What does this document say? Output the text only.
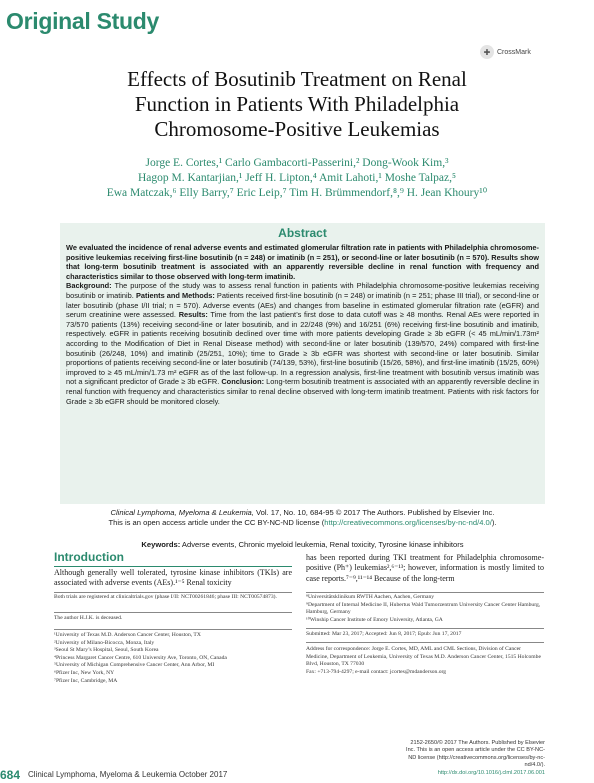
Original Study
✚ CrossMark
Effects of Bosutinib Treatment on Renal
Function in Patients With Philadelphia
Chromosome-Positive Leukemias
Jorge E. Cortes,¹ Carlo Gambacorti-Passerini,² Dong-Wook Kim,³
Hagop M. Kantarjian,¹ Jeff H. Lipton,⁴ Amit Lahoti,¹ Moshe Talpaz,⁵
Ewa Matczak,⁶ Elly Barry,⁷ Eric Leip,⁷ Tim H. Brümmendorf,⁸,⁹ H. Jean Khoury¹⁰
Abstract

We evaluated the incidence of renal adverse events and estimated glomerular filtration rate in patients with Philadelphia chromosome-positive leukemias receiving first-line bosutinib (n = 248) or imatinib (n = 251), or second-line or later bosutinib (n = 570). Results show that long-term bosutinib treatment is associated with an apparently reversible decline in renal function with frequency and characteristics similar to those observed with long-term imatinib.

Background: The purpose of the study was to assess renal function in patients with Philadelphia chromosome-positive leukemias receiving bosutinib or imatinib. Patients and Methods: Patients received first-line bosutinib (n = 248) or imatinib (n = 251; phase III trial), or second-line or later bosutinib (phase I/II trial; n = 570). Adverse events (AEs) and changes from baseline in estimated glomerular filtration rate (eGFR) and serum creatinine were assessed. Results: Time from the last patient’s first dose to data cutoff was ≥ 48 months. Renal AEs were reported in 73/570 patients (13%) receiving second-line or later bosutinib, and in 22/248 (9%) and 16/251 (6%) receiving first-line bosutinib and imatinib, respectively. eGFR in patients receiving bosutinib declined over time with more patients developing Grade ≥ 3b eGFR (< 45 mL/min/1.73m² according to the Modification of Diet in Renal Disease method) with second-line or later bosutinib (139/570, 24%) compared with first-line bosutinib (26/248, 10%) and imatinib (25/251, 10%); time to Grade ≥ 3b eGFR was shortest with second-line or later bosutinib. Similar proportions of patients receiving second-line or later bosutinib (74/139, 53%), first-line bosutinib (15/26, 58%), and first-line imatinib (15/25, 60%) improved to ≥ 45 mL/min/1.73 m² eGFR as of the last follow-up. In a regression analysis, first-line treatment with bosutinib versus imatinib was not a significant predictor of Grade ≥ 3b eGFR. Conclusion: Long-term bosutinib treatment is associated with an apparently reversible decline in renal function with frequency and characteristics similar to renal decline observed with long-term imatinib treatment. Patients with risk factors for Grade ≥ 3b eGFR should be monitored closely.

Clinical Lymphoma, Myeloma & Leukemia, Vol. 17, No. 10, 684-95 © 2017 The Authors. Published by Elsevier Inc.
This is an open access article under the CC BY-NC-ND license (http://creativecommons.org/licenses/by-nc-nd/4.0/).
Keywords: Adverse events, Chronic myeloid leukemia, Renal toxicity, Tyrosine kinase inhibitors
Introduction
Although generally well tolerated, tyrosine kinase inhibitors (TKIs) are associated with adverse events (AEs).¹⁻⁵ Renal toxicity
has been reported during TKI treatment for Philadelphia chromosome-positive (Ph⁺) leukemias²,⁶⁻¹³; however, information is mostly limited to case reports.⁷⁻⁹,¹¹⁻¹⁴ Because of the long-term
Both trials are registered at clinicaltrials.gov (phase I/II: NCT00261846; phase III: NCT00574873).
The author H.J.K. is deceased.
¹University of Texas M.D. Anderson Cancer Center, Houston, TX
²University of Milano-Bicocca, Monza, Italy
³Seoul St Mary’s Hospital, Seoul, South Korea
⁴Princess Margaret Cancer Centre, 610 University Ave, Toronto, ON, Canada
⁵University of Michigan Comprehensive Cancer Center, Ann Arbor, MI
⁶Pfizer Inc, New York, NY
⁷Pfizer Inc, Cambridge, MA
⁸Universitätsklinikum RWTH Aachen, Aachen, Germany
⁹Department of Internal Medicine II, Hubertus Wald Tumorzentrum University Cancer Center Hamburg, Hamburg, Germany
¹⁰Winship Cancer Institute of Emory University, Atlanta, GA
Submitted: Mar 23, 2017; Accepted: Jun 8, 2017; Epub: Jun 17, 2017
Address for correspondence: Jorge E. Cortes, MD, AML and CML Sections, Division of Cancer Medicine, Department of Leukemia, University of Texas M.D. Anderson Cancer Center, 1515 Holcombe Blvd, Houston, TX 77030
Fax: +713-794-4297; e-mail contact: jcortes@mdanderson.org
2152-2650/© 2017 The Authors. Published by Elsevier Inc. This is an open access article under the CC BY-NC-ND license (http://creativecommons.org/licenses/by-nc-nd/4.0/).
http://dx.doi.org/10.1016/j.clml.2017.06.001
684 Clinical Lymphoma, Myeloma & Leukemia October 2017
